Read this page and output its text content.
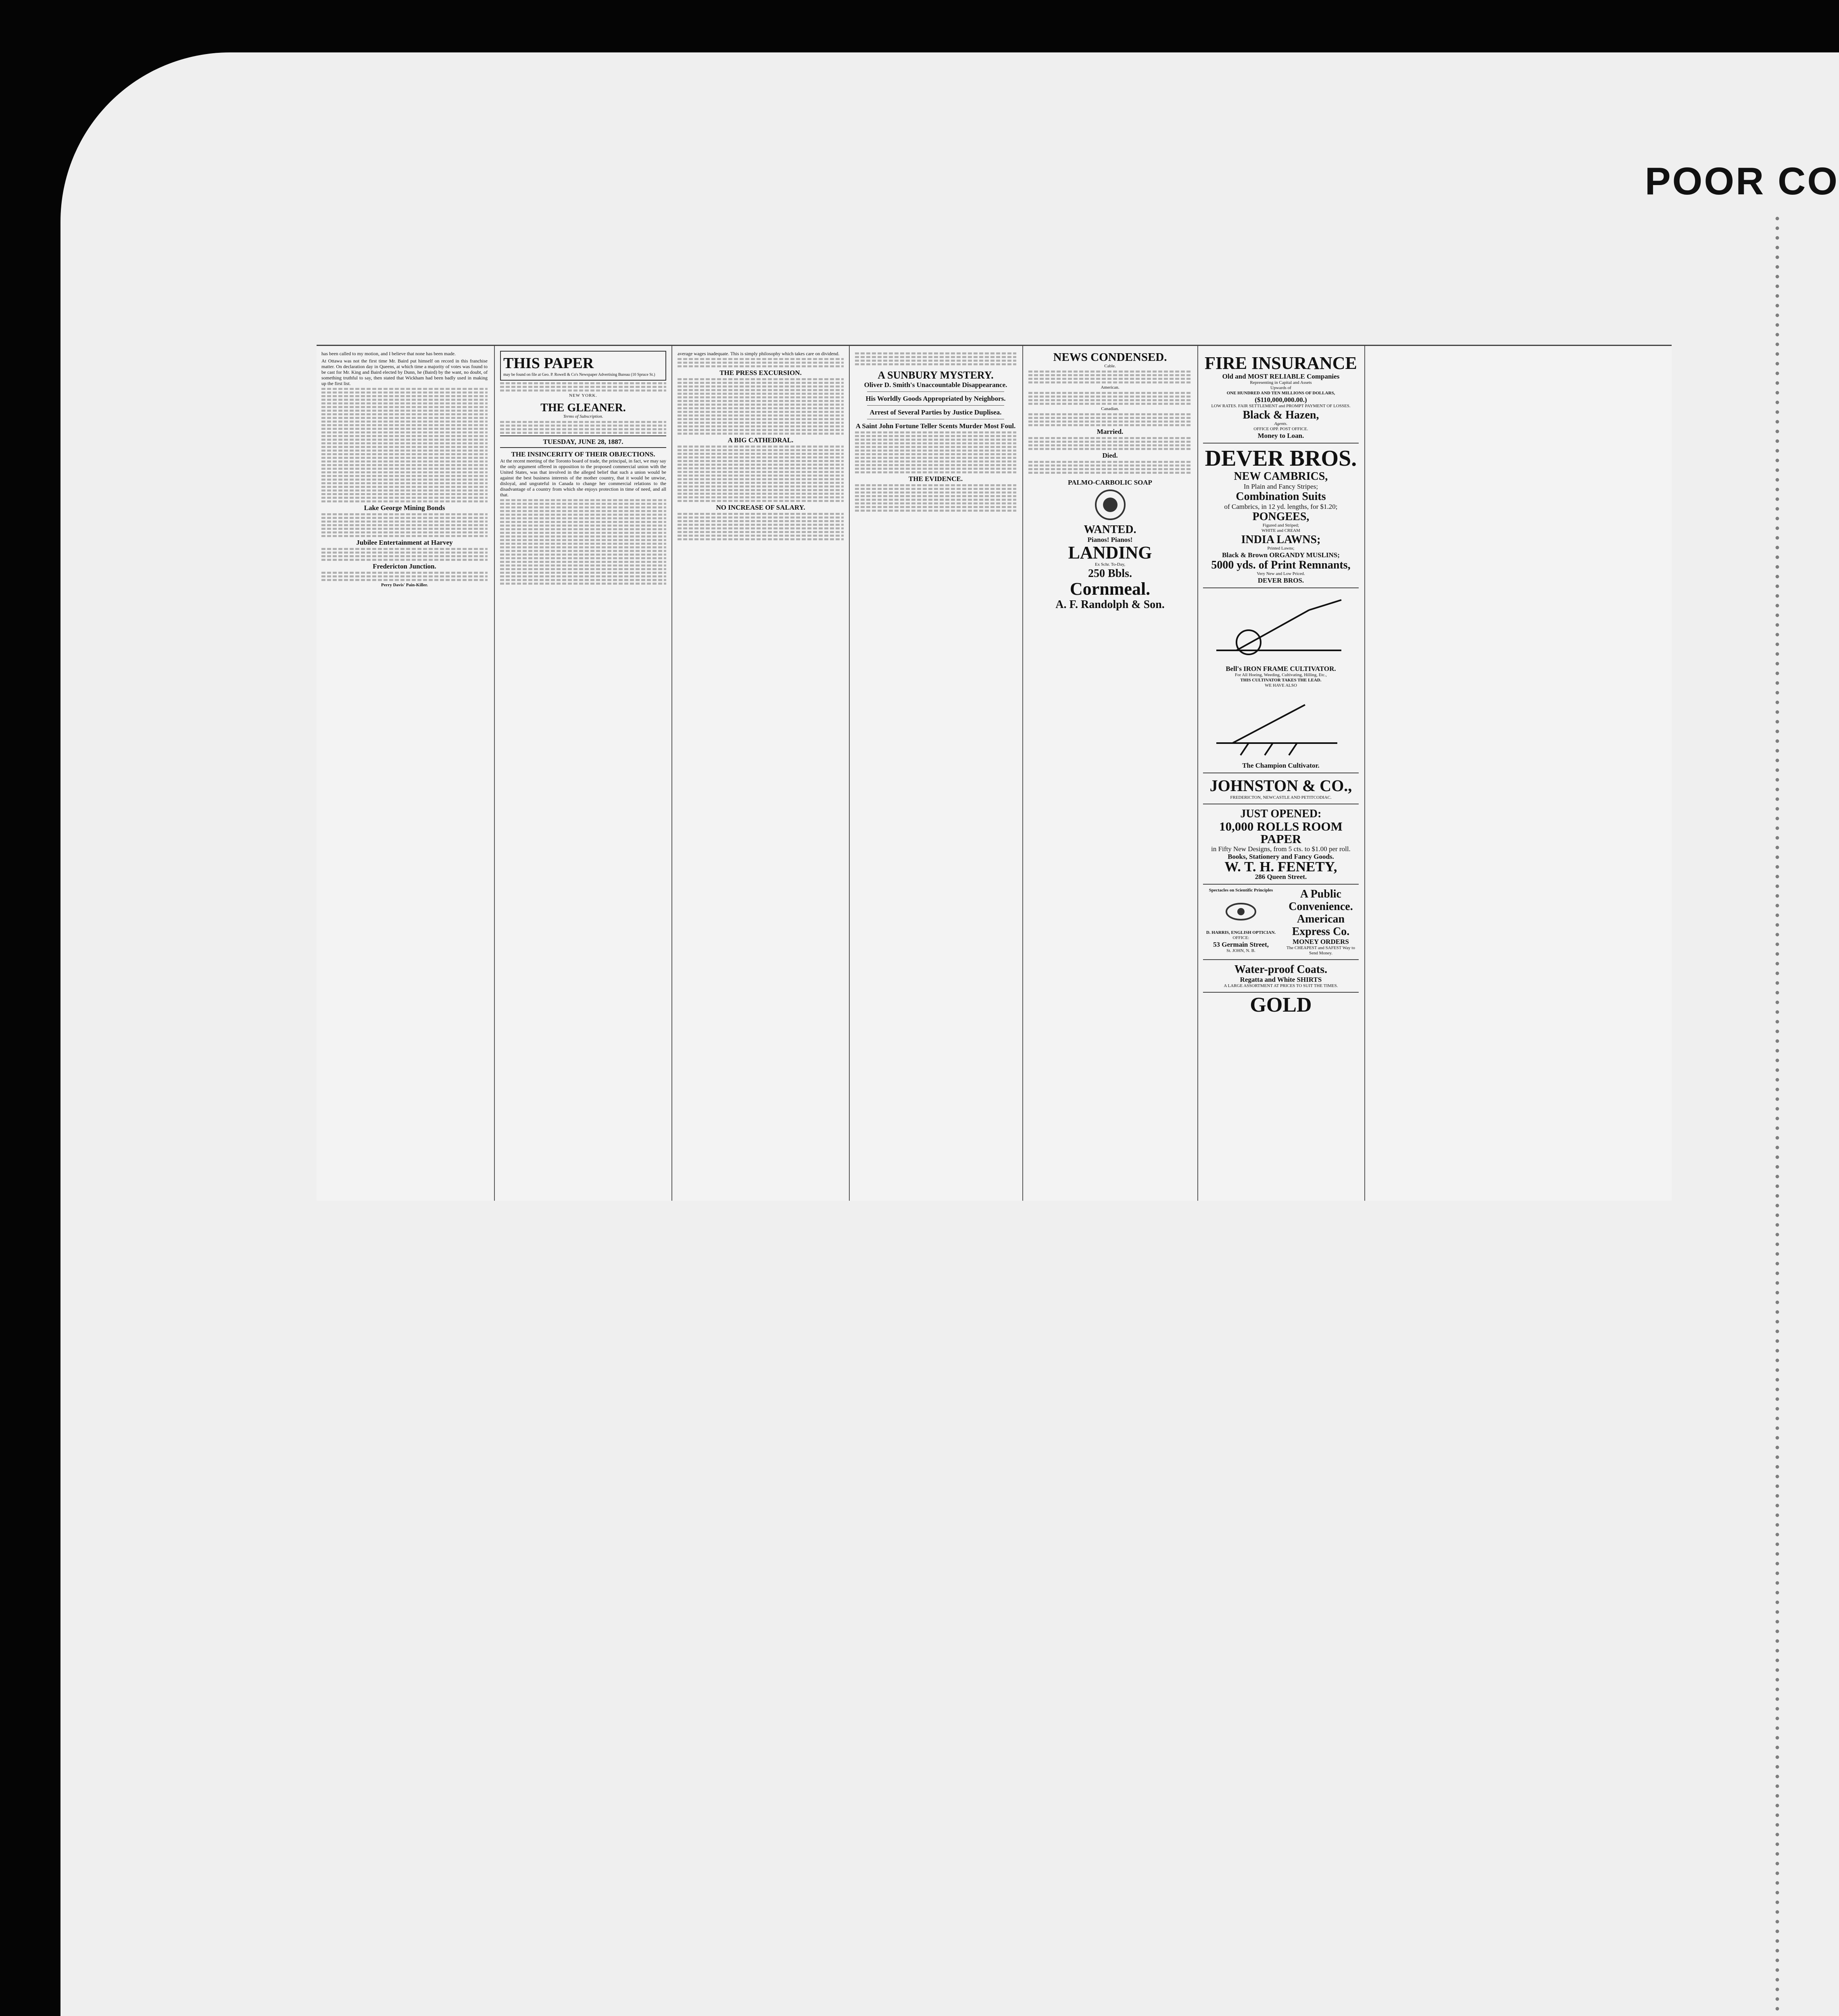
POOR CO

has been called to my motion, and I believe that none has been made.

At Ottawa was not the first time Mr. Baird put himself on record in this franchise matter. On declaration day in Queens, at which time a majority of votes was found to be cast for Mr. King and Baird elected by Dunn, he (Baird) by the want, no doubt, of something truthful to say, then stated that Wickham had been badly used in making up the first list.

Lake George Mining Bonds
Jubilee Entertainment at Harvey
Fredericton Junction.
Perry Davis' Pain-Killer.
THIS PAPER
may be found on file at Geo. P. Rowell & Co's Newspaper Advertising Bureau (10 Spruce St.)
NEW YORK.
THE GLEANER.
Terms of Subscription.
TUESDAY, JUNE 28, 1887.
THE INSINCERITY OF THEIR OBJECTIONS.

At the recent meeting of the Toronto board of trade, the principal, in fact, we may say the only argument offered in opposition to the proposed commercial union with the United States, was that involved in the alleged belief that such a union would be against the best business interests of the mother country, that it would be unwise, disloyal, and ungrateful in Canada to change her commercial relations to the disadvantage of a country from which she enjoys protection in time of need, and all that.

average wages inadequate. This is simply philosophy which takes care on dividend.

THE PRESS EXCURSION.
A BIG CATHEDRAL.
NO INCREASE OF SALARY.
A SUNBURY MYSTERY.
Oliver D. Smith's Unaccountable Disappearance.
His Worldly Goods Appropriated by Neighbors.
Arrest of Several Parties by Justice Duplisea.
A Saint John Fortune Teller Scents Murder Most Foul.
THE EVIDENCE.
NEWS CONDENSED.
Cable.
American.
Canadian.
Married.
Died.
PALMO-CARBOLIC SOAP
WANTED.
Pianos! Pianos!
LANDING
Ex Schr. To-Day,
250 Bbls.
Cornmeal.
A. F. Randolph & Son.
FIRE INSURANCE
Old and MOST RELIABLE Companies
Representing in Capital and Assets
Upwards of
ONE HUNDRED AND TEN MILLIONS OF DOLLARS,
($110,000,000.00.)
LOW RATES. FAIR SETTLEMENT and PROMPT PAYMENT OF LOSSES.
Black & Hazen,
Agents.
OFFICE OPP. POST OFFICE.
Money to Loan.
DEVER BROS.
NEW CAMBRICS,
In Plain and Fancy Stripes;
Combination Suits
of Cambrics, in 12 yd. lengths, for $1.20;
PONGEES,
Figured and Striped;
WHITE and CREAM
INDIA LAWNS;
Printed Lawns;
Black & Brown ORGANDY MUSLINS;
5000 yds. of Print Remnants,
Very New and Low Priced.
DEVER BROS.
Bell's IRON FRAME CULTIVATOR.
For All Hoeing, Weeding, Cultivating, Hilling, Etc.,
THIS CULTIVATOR TAKES THE LEAD.
WE HAVE ALSO
The Champion Cultivator.
JOHNSTON & CO.,
FREDERICTON, NEWCASTLE AND PETITCODIAC.
JUST OPENED:
10,000 ROLLS ROOM PAPER
in Fifty New Designs, from 5 cts. to $1.00 per roll.
Books, Stationery and Fancy Goods.
W. T. H. FENETY,
286 Queen Street.
Spectacles on Scientific Principles
D. HARRIS, ENGLISH OPTICIAN.
OFFICE:
53 Germain Street,
St. JOHN, N. B.
A Public Convenience.
American Express Co.
MONEY ORDERS
The CHEAPEST and SAFEST Way to Send Money.
Water-proof Coats.
Regatta and White SHIRTS
A LARGE ASSORTMENT AT PRICES TO SUIT THE TIMES.
GOLD
